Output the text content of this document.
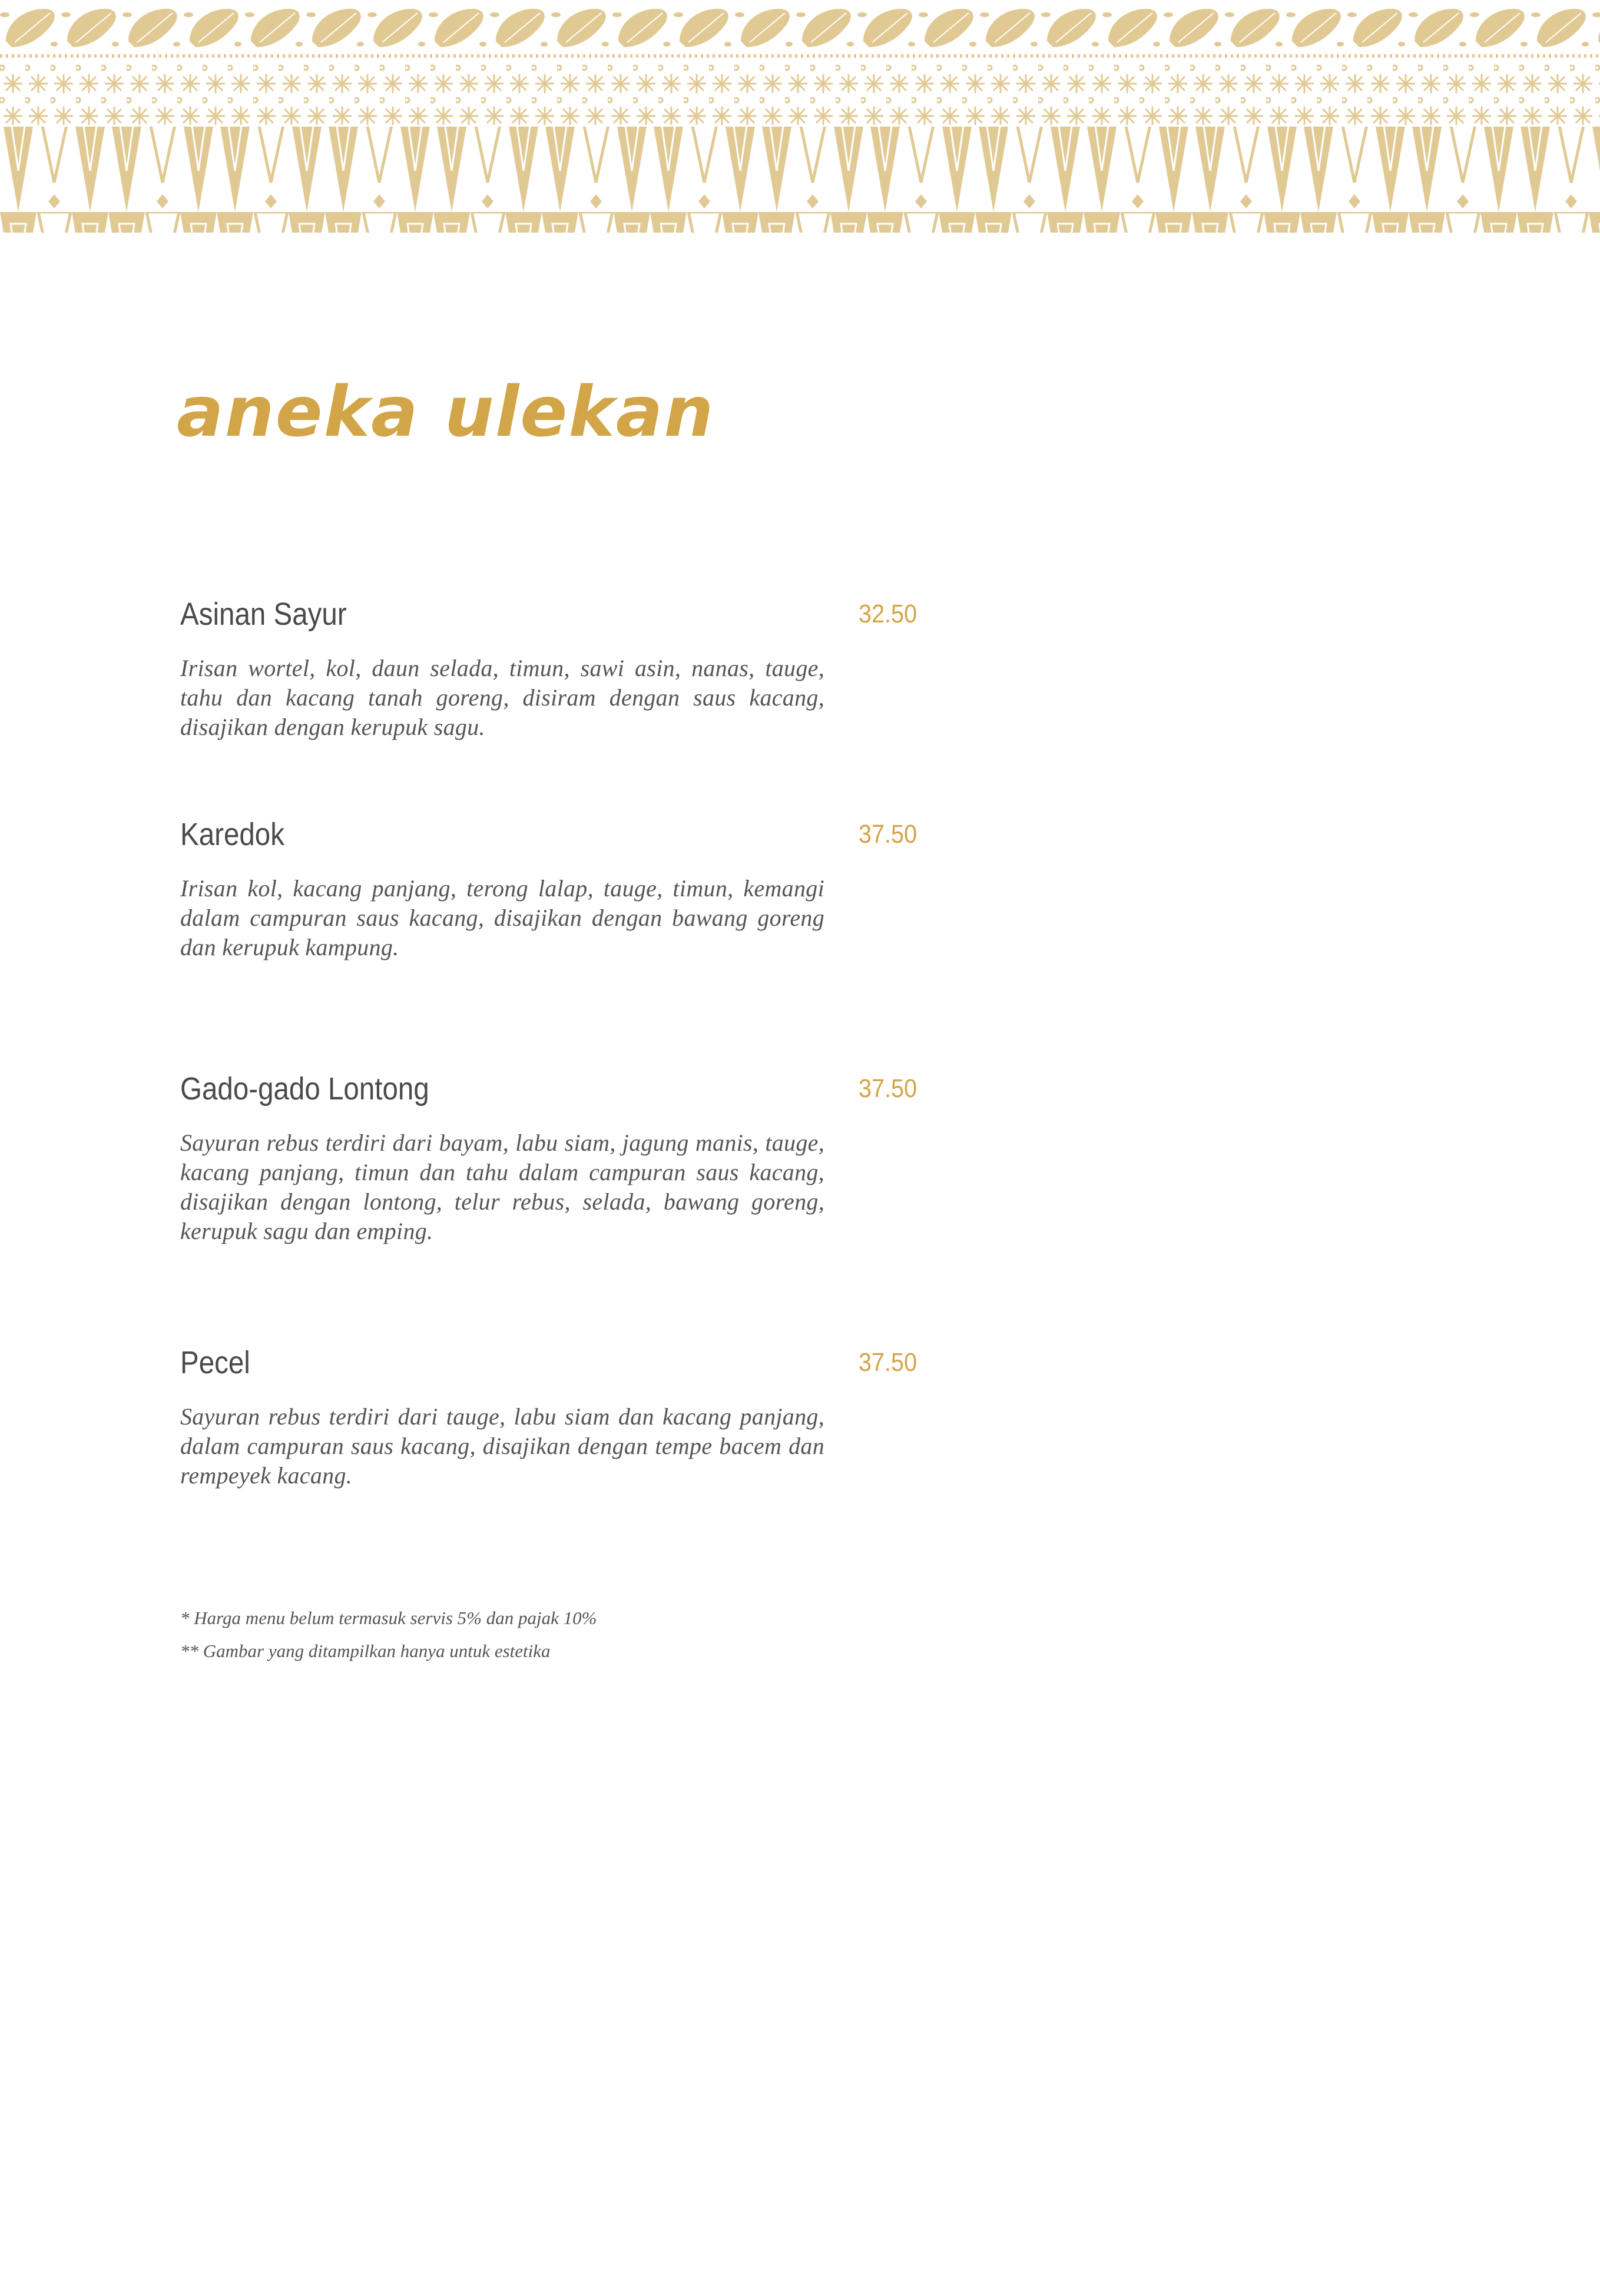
aneka ulekan

Asinan Sayur	32.50
Irisan wortel, kol, daun selada, timun, sawi asin, nanas, tauge, tahu dan kacang tanah goreng, disiram dengan saus kacang, disajikan dengan kerupuk sagu.

Karedok	37.50
Irisan kol, kacang panjang, terong lalap, tauge, timun, kemangi dalam campuran saus kacang, disajikan dengan bawang goreng dan kerupuk kampung.

Gado-gado Lontong	37.50
Sayuran rebus terdiri dari bayam, labu siam, jagung manis, tauge, kacang panjang, timun dan tahu dalam campuran saus kacang, disajikan dengan lontong, telur rebus, selada, bawang goreng, kerupuk sagu dan emping.

Pecel	37.50
Sayuran rebus terdiri dari tauge, labu siam dan kacang panjang, dalam campuran saus kacang, disajikan dengan tempe bacem dan rempeyek kacang.
* Harga menu belum termasuk servis 5% dan pajak 10%
** Gambar yang ditampilkan hanya untuk estetika
